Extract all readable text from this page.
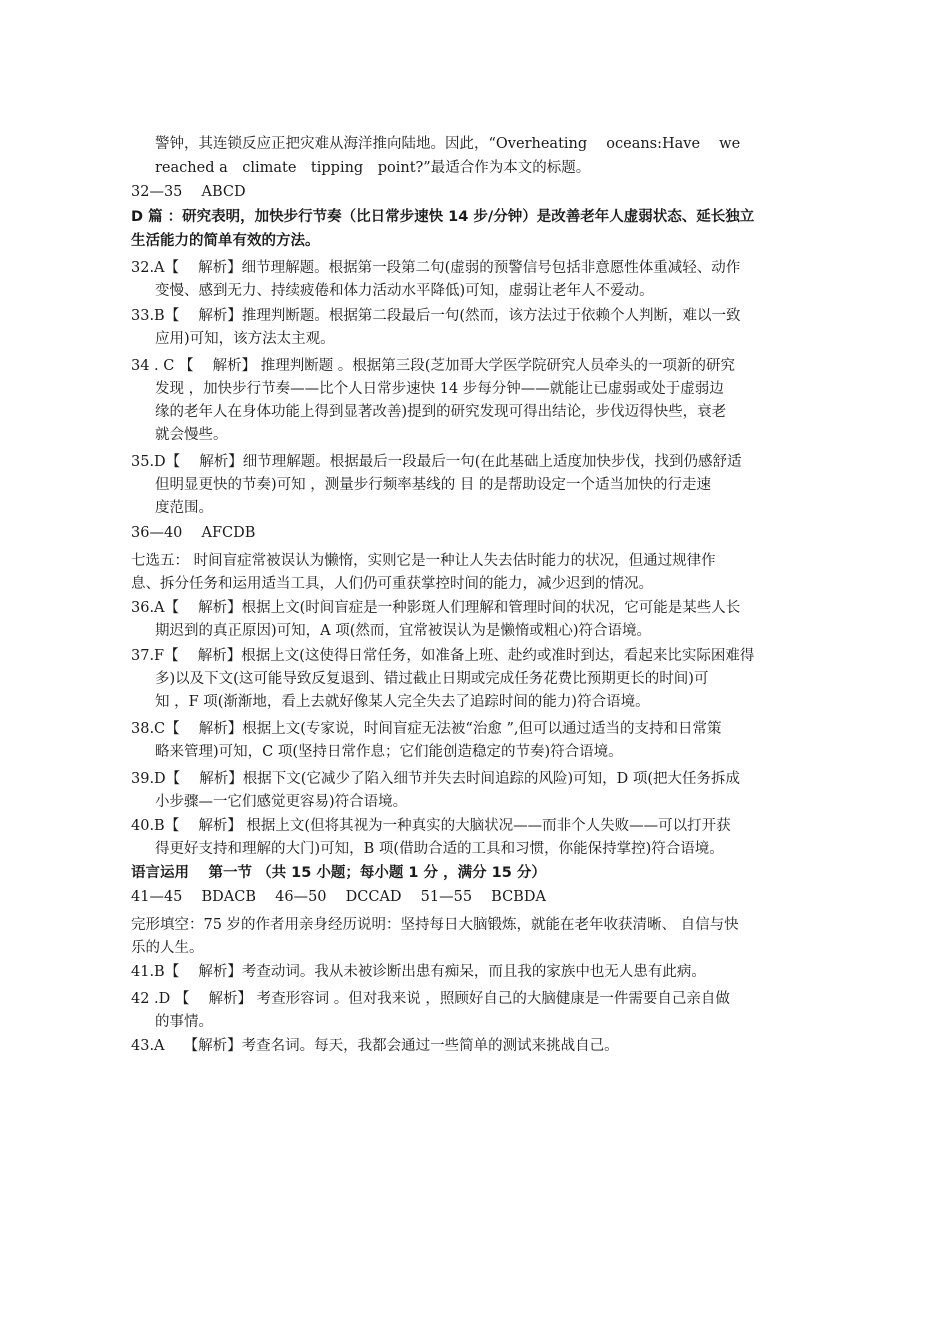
警钟，其连锁反应正把灾难从海洋推向陆地。因此，“Overheating　 oceans:Have　 we
reached a　climate　tipping　point?”最适合作为本文的标题。
32—35　 ABCD
D 篇 ：研究表明，加快步行节奏（比日常步速快 14 步/分钟）是改善老年人虚弱状态、延长独立
生活能力的简单有效的方法。
32.A【　 解析】细节理解题。根据第一段第二句(虚弱的预警信号包括非意愿性体重减轻、动作
变慢、感到无力、持续疲倦和体力活动水平降低)可知，虚弱让老年人不爱动。
33.B【　 解析】推理判断题。根据第二段最后一句(然而，该方法过于依赖个人判断，难以一致
应用)可知，该方法太主观。
34 . C 【　 解析】 推理判断题 。根据第三段(芝加哥大学医学院研究人员牵头的一项新的研究
发现 ，加快步行节奏——比个人日常步速快 14 步每分钟——就能让已虚弱或处于虚弱边
缘的老年人在身体功能上得到显著改善)提到的研究发现可得出结论，步伐迈得快些，衰老
就会慢些。
35.D【　 解析】细节理解题。根据最后一段最后一句(在此基础上适度加快步伐，找到仍感舒适
但明显更快的节奏)可知 ，测量步行频率基线的 目 的是帮助设定一个适当加快的行走速
度范围。
36—40　 AFCDB
七选五： 时间盲症常被误认为懒惰，实则它是一种让人失去估时能力的状况，但通过规律作
息、拆分任务和运用适当工具，人们仍可重获掌控时间的能力，减少迟到的情况。
36.A【　 解析】根据上文(时间盲症是一种影斑人们理解和管理时间的状况，它可能是某些人长
期迟到的真正原因)可知，A 项(然而，宜常被误认为是懒惰或粗心)符合语境。
37.F【　 解析】根据上文(这使得日常任务，如准备上班、赴约或准时到达，看起来比实际困难得
多)以及下文(这可能导致反复退到、错过截止日期或完成任务花费比预期更长的时间)可
知 ，F 项(渐渐地，看上去就好像某人完全失去了追踪时间的能力)符合语境。
38.C【　 解析】根据上文(专家说，时间盲症无法被“治愈 ”,但可以通过适当的支持和日常策
略来管理)可知，C 项(坚持日常作息；它们能创造稳定的节奏)符合语境。
39.D【　 解析】根据下文(它减少了陷入细节并失去时间追踪的风险)可知，D 项(把大任务拆成
小步骤—一它们感觉更容易)符合语境。
40.B【　 解析】 根据上文(但将其视为一种真实的大脑状况——而非个人失败——可以打开获
得更好支持和理解的大门)可知，B 项(借助合适的工具和习惯，你能保持掌控)符合语境。
语言运用　 第一节 （共 15 小题；每小题 1 分 ，满分 15 分）
41—45　 BDACB　 46—50　 DCCAD　 51—55　 BCBDA
完形填空：75 岁的作者用亲身经历说明：坚持每日大脑锻炼，就能在老年收获清晰、 自信与快
乐的人生。
41.B【　 解析】考查动词。我从未被诊断出患有痴呆，而且我的家族中也无人患有此病。
42 .D 【　 解析】 考查形容词 。但对我来说 ，照顾好自己的大脑健康是一件需要自己亲自做
的事情。
43.A　 【解析】考查名词。每天，我都会通过一些简单的测试来挑战自己。
